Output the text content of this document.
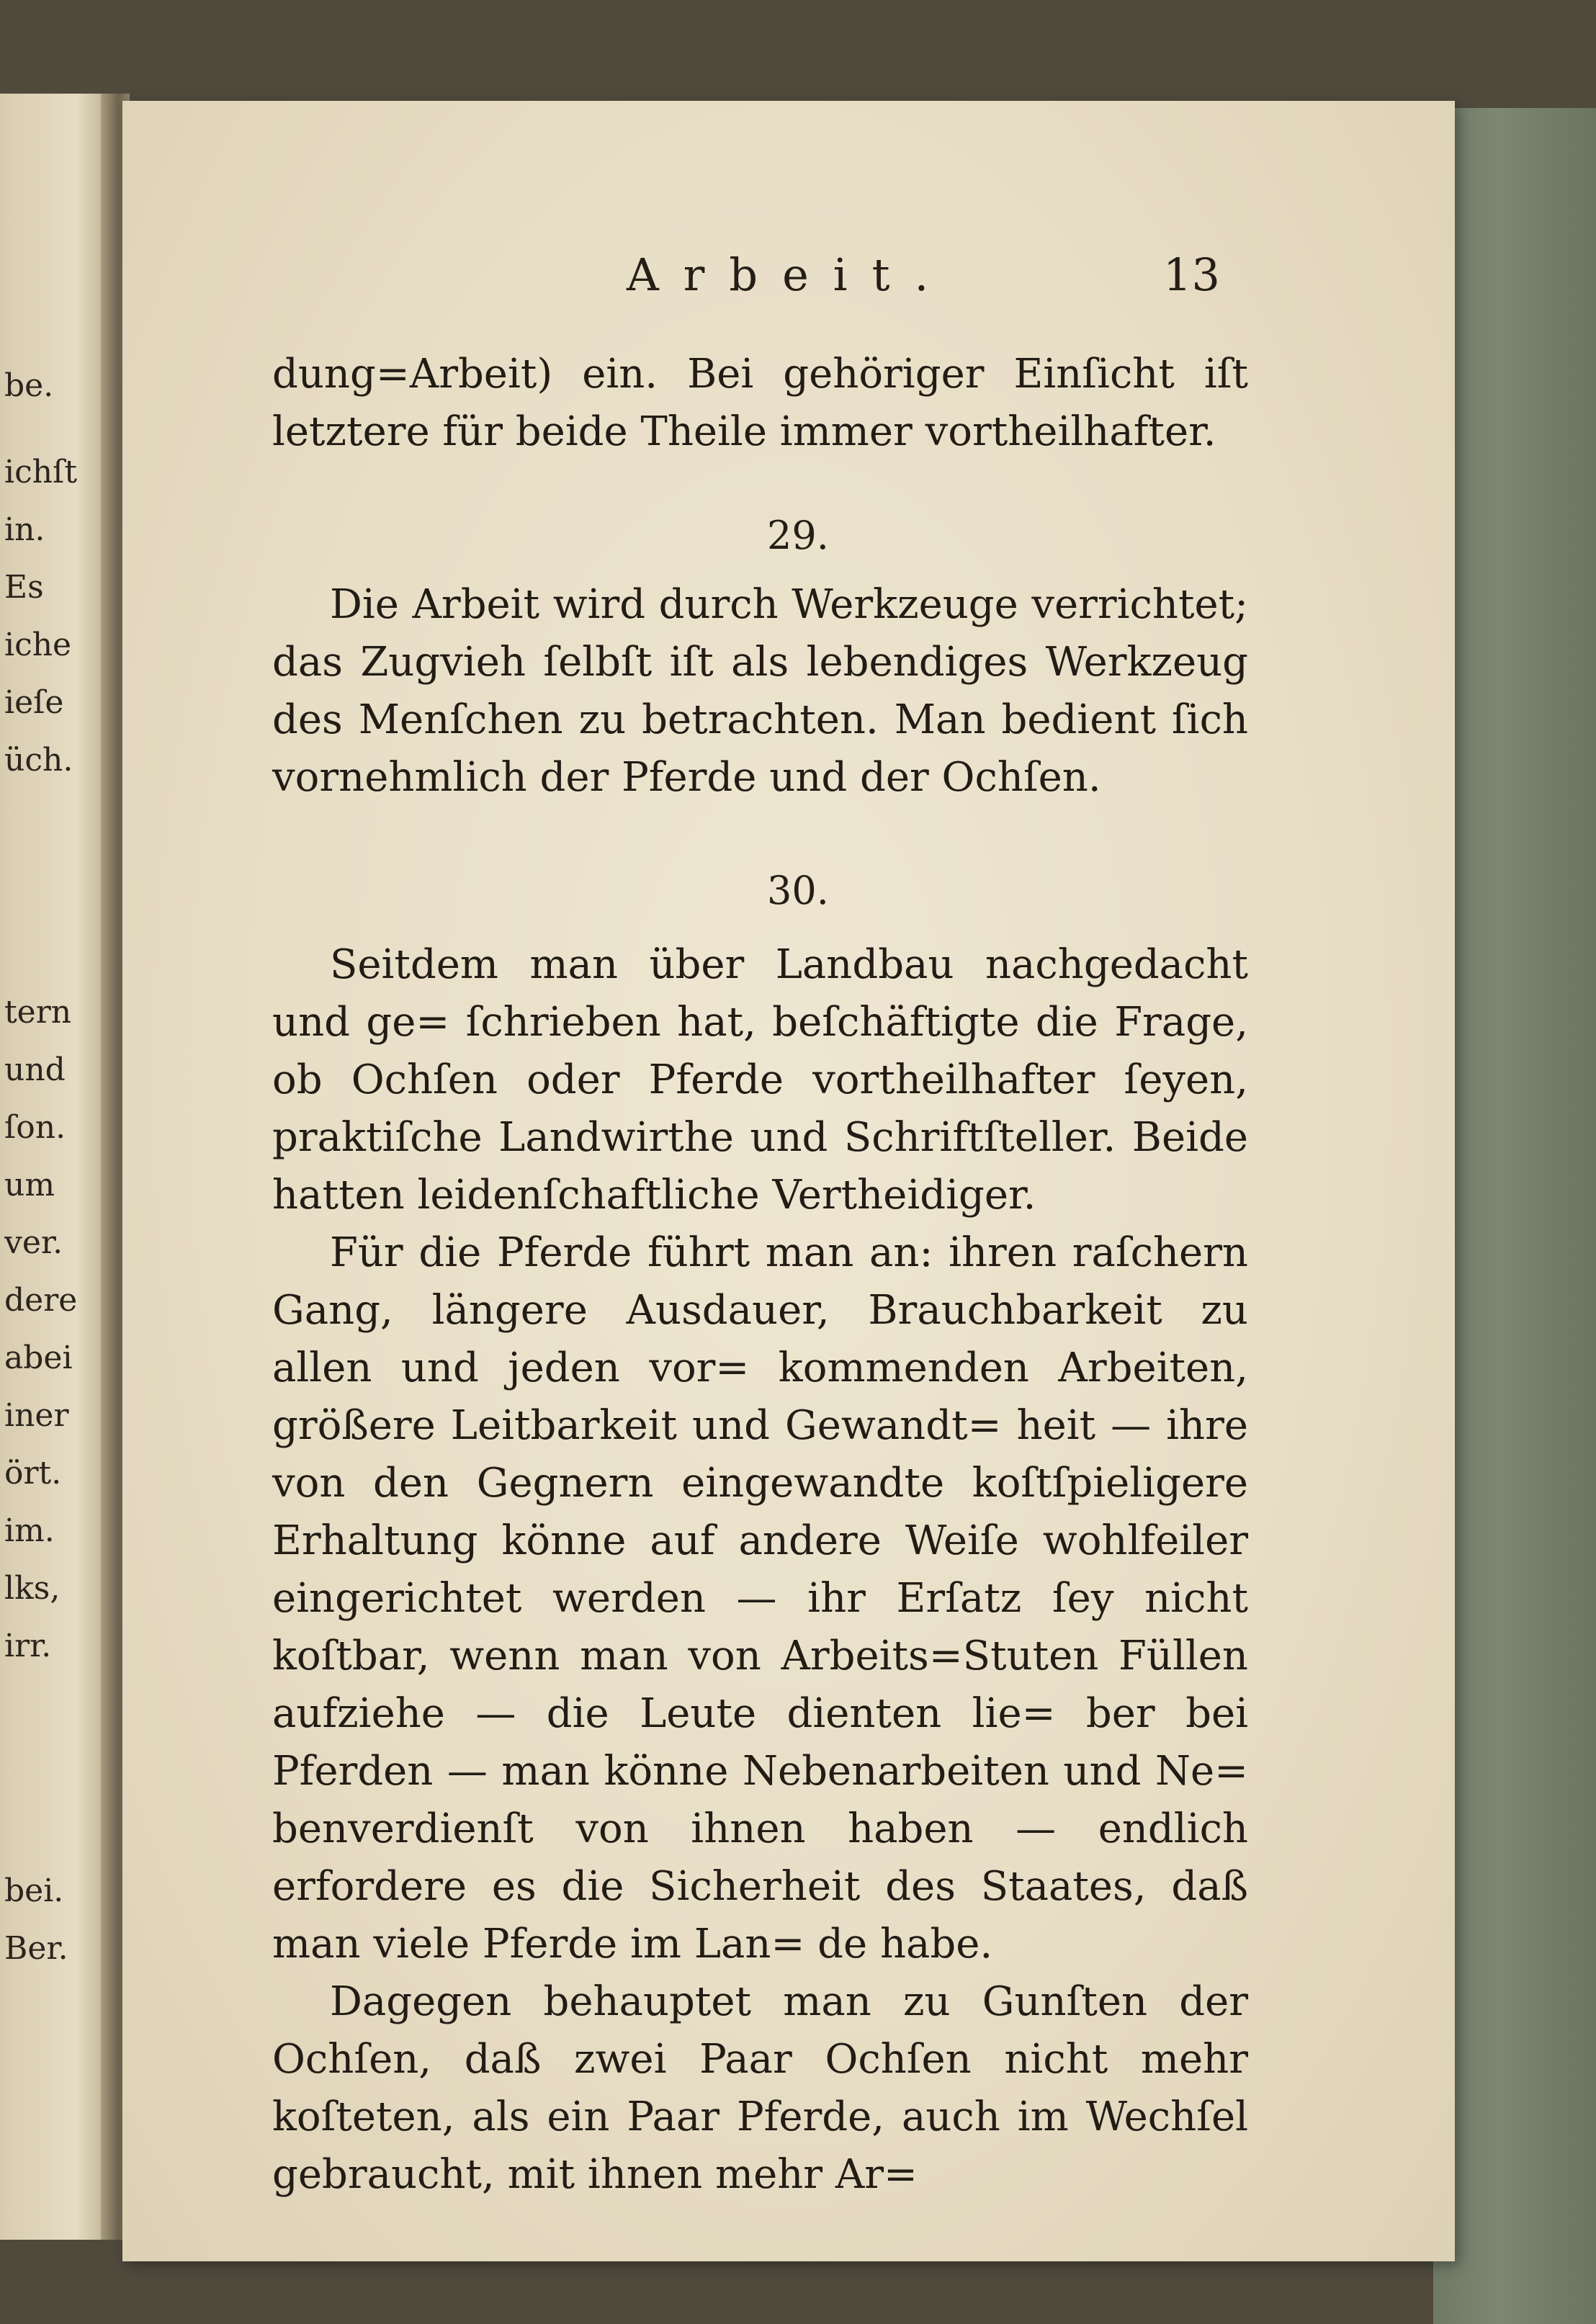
be.
ichſt
in.
Es
iche
ieſe
üch.
tern
und
ſon.
um
ver.
dere
abei
iner
ört.
im.
lks,
irr.
bei.
Ber.
Arbeit.	13

dung=Arbeit) ein. Bei gehöriger Einſicht iſt letztere für beide Theile immer vortheilhafter.

29.

Die Arbeit wird durch Werkzeuge verrichtet; das Zugvieh ſelbſt iſt als lebendiges Werkzeug des Menſchen zu betrachten. Man bedient ſich vornehmlich der Pferde und der Ochſen.

30.

Seitdem man über Landbau nachgedacht und ge= ſchrieben hat, beſchäftigte die Frage, ob Ochſen oder Pferde vortheilhafter ſeyen, praktiſche Landwirthe und Schriftſteller. Beide hatten leidenſchaftliche Vertheidiger.

Für die Pferde führt man an: ihren raſchern Gang, längere Ausdauer, Brauchbarkeit zu allen und jeden vor= kommenden Arbeiten, größere Leitbarkeit und Gewandt= heit — ihre von den Gegnern eingewandte koſtſpieligere Erhaltung könne auf andere Weiſe wohlfeiler eingerichtet werden — ihr Erſatz ſey nicht koſtbar, wenn man von Arbeits=Stuten Füllen aufziehe — die Leute dienten lie= ber bei Pferden — man könne Nebenarbeiten und Ne= benverdienſt von ihnen haben — endlich erfordere es die Sicherheit des Staates, daß man viele Pferde im Lan= de habe.

Dagegen behauptet man zu Gunſten der Ochſen, daß zwei Paar Ochſen nicht mehr koſteten, als ein Paar Pferde, auch im Wechſel gebraucht, mit ihnen mehr Ar=
